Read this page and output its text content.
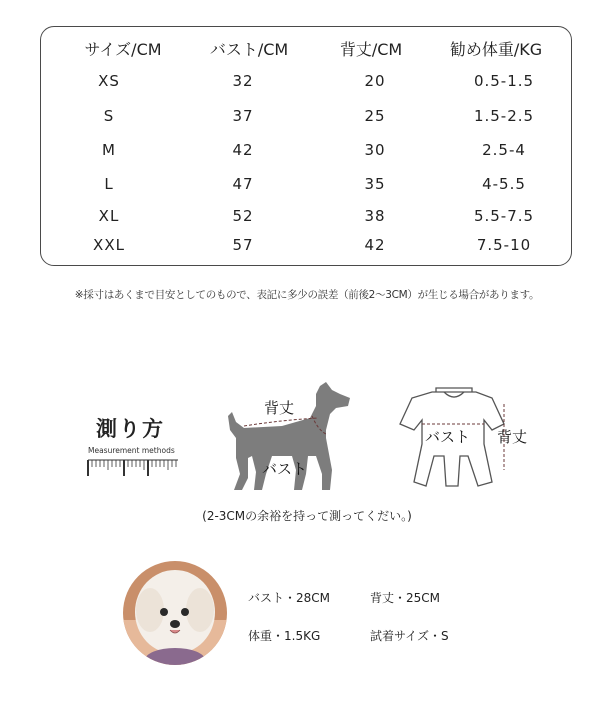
サイズ/CM	バスト/CM	背丈/CM	勧め体重/KG
XS	32	20	0.5-1.5
S	37	25	1.5-2.5
M	42	30	2.5-4
L	47	35	4-5.5
XL	52	38	5.5-7.5
XXL	57	42	7.5-10
※採寸はあくまで目安としてのもので、表記に多少の誤差（前後2〜3CM）が生じる場合があります。
測り方
Measurement methods
背丈
バスト
バスト 背丈
(2-3CMの余裕を持って測ってくだい。)
バスト・28CM	背丈・25CM
体重・1.5KG	試着サイズ・S
